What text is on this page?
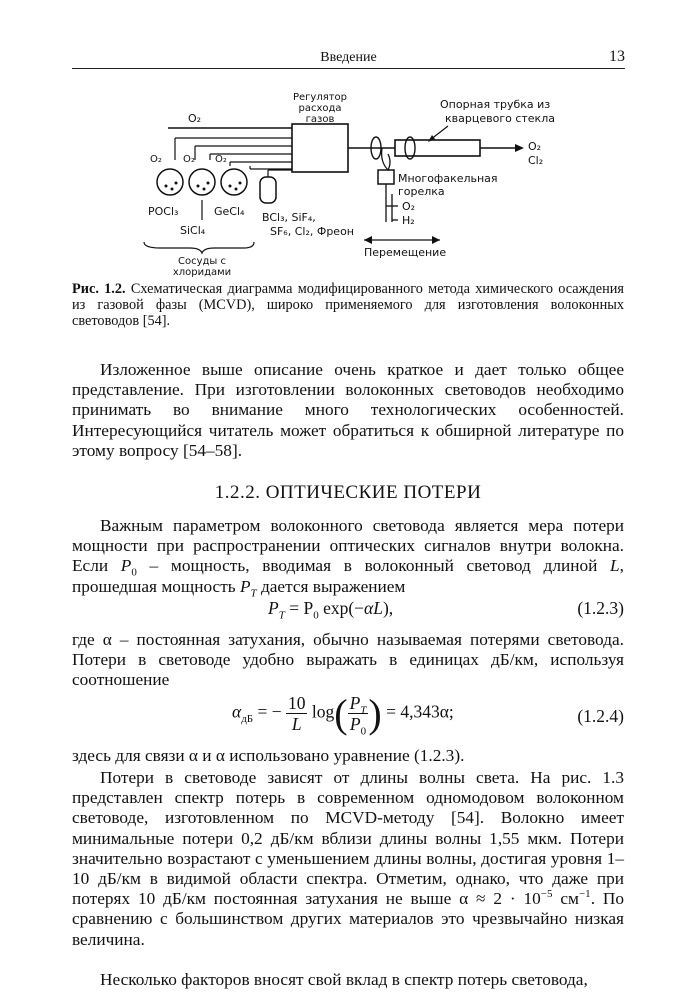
Введение	13
Регулятор
расхода
газов
O₂
O₂ O₂ O₂
POCl₃	GeCl₄
SiCl₄
BCl₃, SiF₄,
SF₆, Cl₂, Фреон
Сосуды с
хлоридами
Опорная трубка из
кварцевого стекла
O₂
Cl₂
Многофакельная
горелка
O₂
H₂
Перемещение
Рис. 1.2. Схематическая диаграмма модифицированного метода химического осаждения из газовой фазы (MCVD), широко применяемого для изготовления волоконных световодов [54].
Изложенное выше описание очень краткое и дает только общее представление. При изготовлении волоконных световодов необходимо принимать во внимание много технологических особенностей. Интересующийся читатель может обратиться к обширной литературе по этому вопросу [54–58].
1.2.2. ОПТИЧЕСКИЕ ПОТЕРИ
Важным параметром волоконного световода является мера потери мощности при распространении оптических сигналов внутри волокна. Если $P_0$ – мощность, вводимая в волоконный световод длиной L, прошедшая мощность $P_T$ дается выражением
$P_T = P_0$ exp(−αL),	(1.2.3)
где α – постоянная затухания, обычно называемая потерями световода. Потери в световоде удобно выражать в единицах дБ/км, используя соотношение
$\alpha_{дБ}$ = − $\frac{10}{L} \log( \frac{P_T}{P_0}$ ) = 4,343α;	(1.2.4)
здесь для связи α и α использовано уравнение (1.2.3).
Потери в световоде зависят от длины волны света. На рис. 1.3 представлен спектр потерь в современном одномодовом волоконном световоде, изготовленном по MCVD-методу [54]. Волокно имеет минимальные потери 0,2 дБ/км вблизи длины волны 1,55 мкм. Потери значительно возрастают с уменьшением длины волны, достигая уровня 1–10 дБ/км в видимой области спектра. Отметим, однако, что даже при потерях 10 дБ/км постоянная затухания не выше $\alpha \approx 2 \cdot 10^{-5}$ $см^{-1}$. По сравнению с большинством других материалов это чрезвычайно низкая величина.
Несколько факторов вносят свой вклад в спектр потерь световода,
